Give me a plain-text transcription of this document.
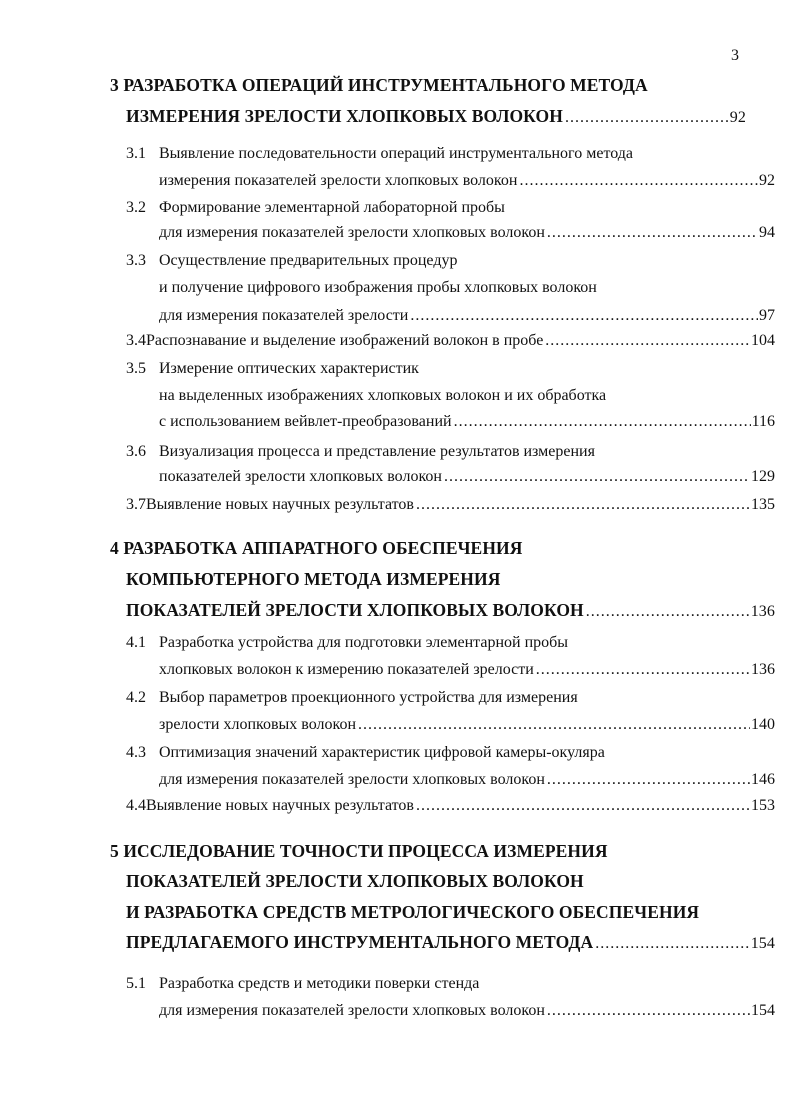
3
3 РАЗРАБОТКА ОПЕРАЦИЙ ИНСТРУМЕНТАЛЬНОГО МЕТОДА
ИЗМЕРЕНИЯ ЗРЕЛОСТИ ХЛОПКОВЫХ ВОЛОКОН .....	92
3.1 Выявление последовательности операций инструментального метода
измерения показателей зрелости хлопковых волокон .....	92
3.2 Формирование элементарной лабораторной пробы
для измерения показателей зрелости хлопковых волокон .....	94
3.3 Осуществление предварительных процедур
и получение цифрового изображения пробы хлопковых волокон
для измерения показателей зрелости .....	97
3.4 Распознавание и выделение изображений волокон в пробе .....	104
3.5 Измерение оптических характеристик
на выделенных изображениях хлопковых волокон и их обработка
с использованием вейвлет-преобразований .....	116
3.6 Визуализация процесса и представление результатов измерения
показателей зрелости хлопковых волокон .....	129
3.7 Выявление новых научных результатов .....	135
4 РАЗРАБОТКА АППАРАТНОГО ОБЕСПЕЧЕНИЯ
КОМПЬЮТЕРНОГО МЕТОДА ИЗМЕРЕНИЯ
ПОКАЗАТЕЛЕЙ ЗРЕЛОСТИ ХЛОПКОВЫХ ВОЛОКОН .....	136
4.1 Разработка устройства для подготовки элементарной пробы
хлопковых волокон к измерению показателей зрелости .....	136
4.2 Выбор параметров проекционного устройства для измерения
зрелости хлопковых волокон .....	140
4.3 Оптимизация значений характеристик цифровой камеры-окуляра
для измерения показателей зрелости хлопковых волокон .....	146
4.4 Выявление новых научных результатов .....	153
5 ИССЛЕДОВАНИЕ ТОЧНОСТИ ПРОЦЕССА ИЗМЕРЕНИЯ
ПОКАЗАТЕЛЕЙ ЗРЕЛОСТИ ХЛОПКОВЫХ ВОЛОКОН
И РАЗРАБОТКА СРЕДСТВ МЕТРОЛОГИЧЕСКОГО ОБЕСПЕЧЕНИЯ
ПРЕДЛАГАЕМОГО ИНСТРУМЕНТАЛЬНОГО МЕТОДА .....	154
5.1 Разработка средств и методики поверки стенда
для измерения показателей зрелости хлопковых волокон .....	154
